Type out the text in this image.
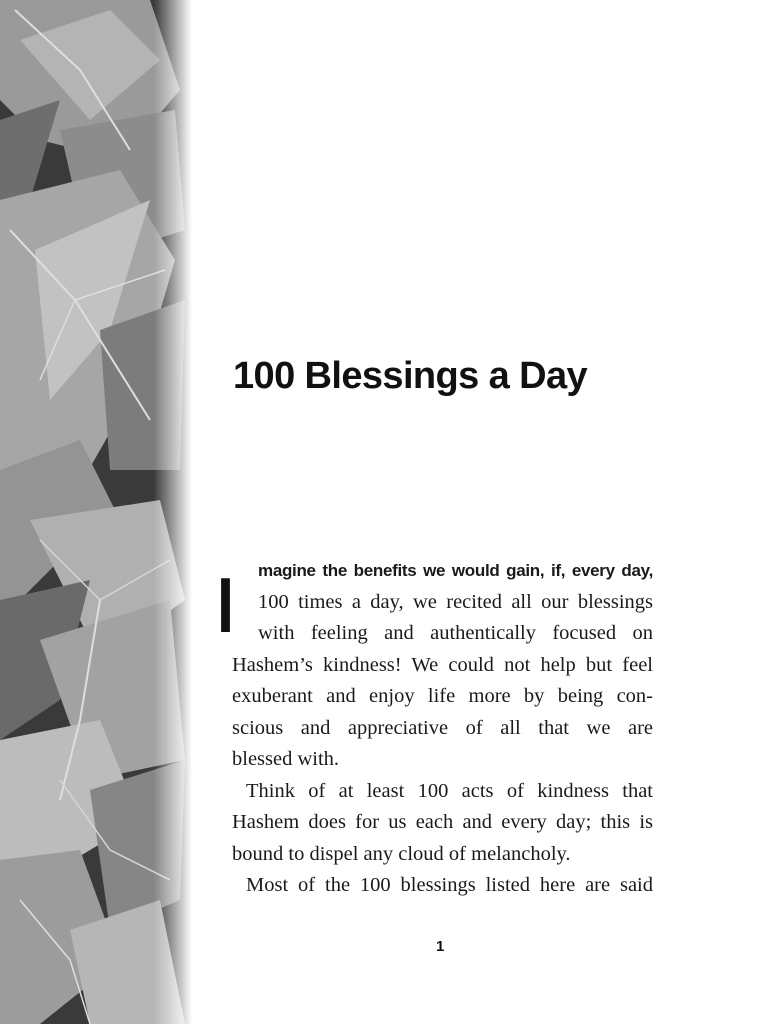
100 Blessings a Day
I magine the benefits we would gain, if, every day,
100 times a day, we recited all our blessings
with feeling and authentically focused on
Hashem’s kindness! We could not help but feel
exuberant and enjoy life more by being con-
scious and appreciative of all that we are
blessed with.
Think of at least 100 acts of kindness that
Hashem does for us each and every day; this is
bound to dispel any cloud of melancholy.
Most of the 100 blessings listed here are said
1
